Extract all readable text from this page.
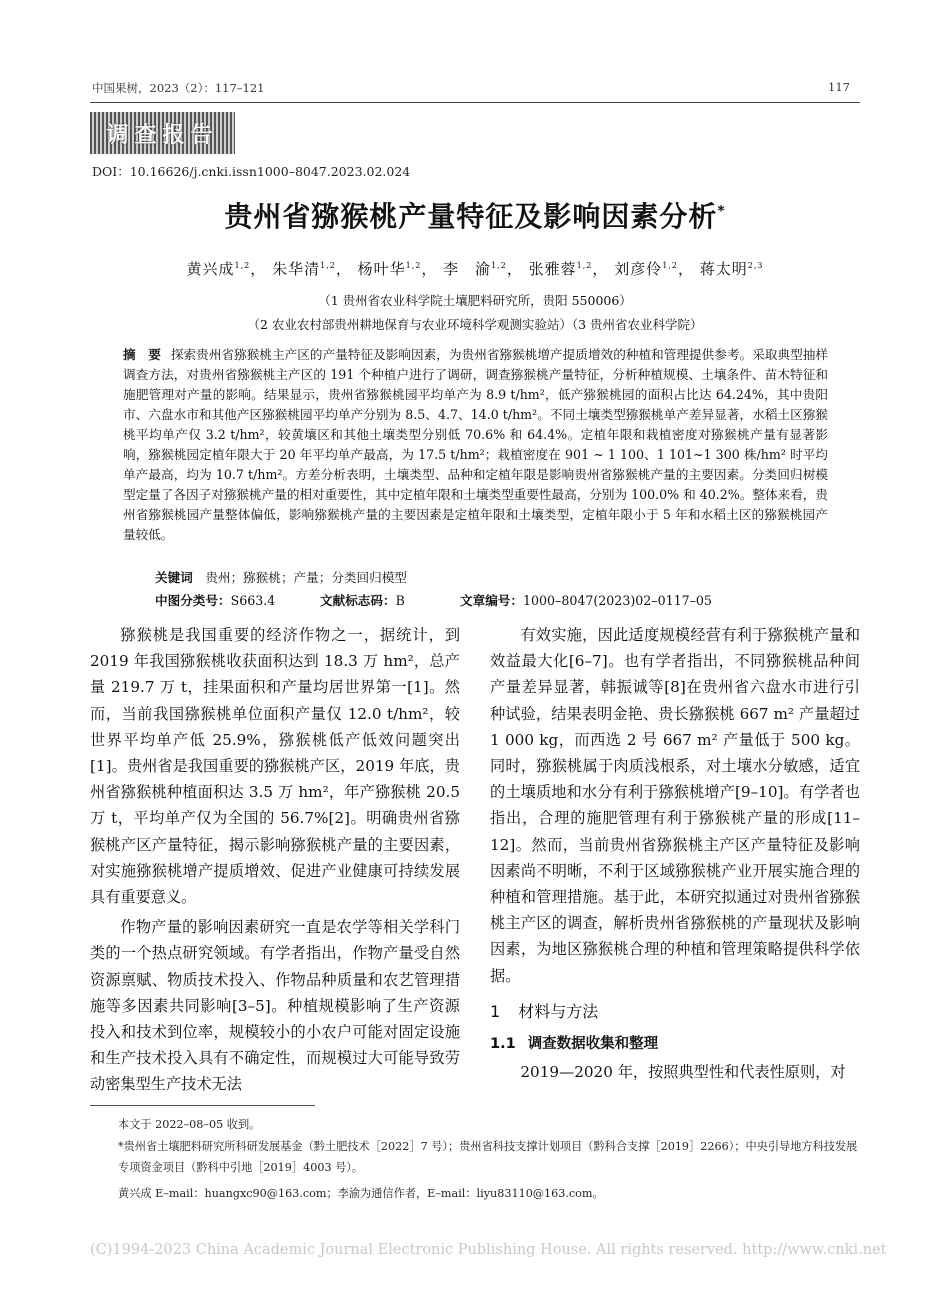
中国果树，2023（2）：117–121	117
调查报告
DOI：10.16626/j.cnki.issn1000–8047.2023.02.024
贵州省猕猴桃产量特征及影响因素分析*
黄兴成$^{1,2}$， 朱华清$^{1,2}$， 杨叶华$^{1,2}$， 李　渝$^{1,2}$， 张雅蓉$^{1,2}$， 刘彦伶$^{1,2}$， 蒋太明$^{2,3}$
（1 贵州省农业科学院土壤肥料研究所，贵阳 550006）
（2 农业农村部贵州耕地保育与农业环境科学观测实验站）（3 贵州省农业科学院）
摘　要 探索贵州省猕猴桃主产区的产量特征及影响因素，为贵州省猕猴桃增产提质增效的种植和管理提供参考。采取典型抽样调查方法，对贵州省猕猴桃主产区的 191 个种植户进行了调研，调查猕猴桃产量特征，分析种植规模、土壤条件、苗木特征和施肥管理对产量的影响。结果显示，贵州省猕猴桃园平均单产为 8.9 t/hm²，低产猕猴桃园的面积占比达 64.24%，其中贵阳市、六盘水市和其他产区猕猴桃园平均单产分别为 8.5、4.7、14.0 t/hm²。不同土壤类型猕猴桃单产差异显著，水稻土区猕猴桃平均单产仅 3.2 t/hm²，较黄壤区和其他土壤类型分别低 70.6% 和 64.4%。定植年限和栽植密度对猕猴桃产量有显著影响，猕猴桃园定植年限大于 20 年平均单产最高，为 17.5 t/hm²；栽植密度在 901 ~ 1 100、1 101~1 300 株/hm² 时平均单产最高，均为 10.7 t/hm²。方差分析表明，土壤类型、品种和定植年限是影响贵州省猕猴桃产量的主要因素。分类回归树模型定量了各因子对猕猴桃产量的相对重要性，其中定植年限和土壤类型重要性最高，分别为 100.0% 和 40.2%。整体来看，贵州省猕猴桃园产量整体偏低，影响猕猴桃产量的主要因素是定植年限和土壤类型，定植年限小于 5 年和水稻土区的猕猴桃园产量较低。
关键词　 贵州；猕猴桃；产量；分类回归模型
中图分类号：S663.4	文献标志码：B	文章编号：1000–8047(2023)02–0117–05

猕猴桃是我国重要的经济作物之一，据统计，到 2019 年我国猕猴桃收获面积达到 18.3 万 hm²，总产量 219.7 万 t，挂果面积和产量均居世界第一[1]。然而，当前我国猕猴桃单位面积产量仅 12.0 t/hm²，较世界平均单产低 25.9%，猕猴桃低产低效问题突出[1]。贵州省是我国重要的猕猴桃产区，2019 年底，贵州省猕猴桃种植面积达 3.5 万 hm²，年产猕猴桃 20.5 万 t，平均单产仅为全国的 56.7%[2]。明确贵州省猕猴桃产区产量特征，揭示影响猕猴桃产量的主要因素，对实施猕猴桃增产提质增效、促进产业健康可持续发展具有重要意义。

作物产量的影响因素研究一直是农学等相关学科门类的一个热点研究领域。有学者指出，作物产量受自然资源禀赋、物质技术投入、作物品种质量和农艺管理措施等多因素共同影响[3–5]。种植规模影响了生产资源投入和技术到位率，规模较小的小农户可能对固定设施和生产技术投入具有不确定性，而规模过大可能导致劳动密集型生产技术无法

有效实施，因此适度规模经营有利于猕猴桃产量和效益最大化[6–7]。也有学者指出，不同猕猴桃品种间产量差异显著，韩振诚等[8]在贵州省六盘水市进行引种试验，结果表明金艳、贵长猕猴桃 667 m² 产量超过 1 000 kg，而西选 2 号 667 m² 产量低于 500 kg。同时，猕猴桃属于肉质浅根系，对土壤水分敏感，适宜的土壤质地和水分有利于猕猴桃增产[9–10]。有学者也指出，合理的施肥管理有利于猕猴桃产量的形成[11–12]。然而，当前贵州省猕猴桃主产区产量特征及影响因素尚不明晰，不利于区域猕猴桃产业开展实施合理的种植和管理措施。基于此，本研究拟通过对贵州省猕猴桃主产区的调查，解析贵州省猕猴桃的产量现状及影响因素，为地区猕猴桃合理的种植和管理策略提供科学依据。

1 材料与方法
1.1 调查数据收集和整理

2019—2020 年，按照典型性和代表性原则，对

本文于 2022–08–05 收到。
*贵州省土壤肥料研究所科研发展基金（黔土肥技术［2022］7 号）；贵州省科技支撑计划项目（黔科合支撑［2019］2266）；中央引导地方科技发展专项资金项目（黔科中引地［2019］4003 号）。
黄兴成 E–mail：huangxc90@163.com；李渝为通信作者，E–mail：liyu83110@163.com。
(C)1994-2023 China Academic Journal Electronic Publishing House. All rights reserved. http://www.cnki.net
